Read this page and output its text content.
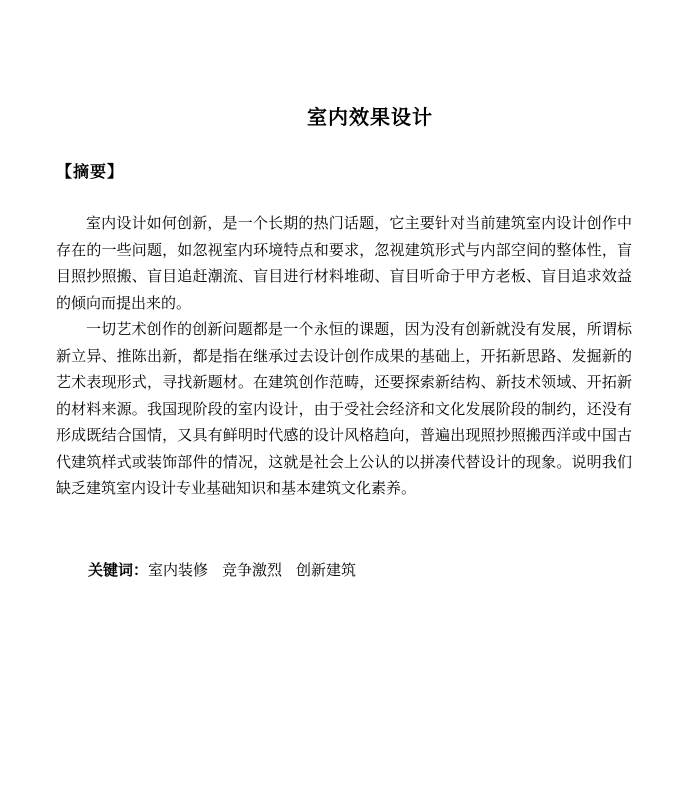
室内效果设计
【摘要】

室内设计如何创新，是一个长期的热门话题，它主要针对当前建筑室内设计创作中存在的一些问题，如忽视室内环境特点和要求，忽视建筑形式与内部空间的整体性，盲目照抄照搬、盲目追赶潮流、盲目进行材料堆砌、盲目听命于甲方老板、盲目追求效益的倾向而提出来的。

一切艺术创作的创新问题都是一个永恒的课题，因为没有创新就没有发展，所谓标新立异、推陈出新，都是指在继承过去设计创作成果的基础上，开拓新思路、发掘新的艺术表现形式，寻找新题材。在建筑创作范畴，还要探索新结构、新技术领域、开拓新的材料来源。我国现阶段的室内设计，由于受社会经济和文化发展阶段的制约，还没有形成既结合国情，又具有鲜明时代感的设计风格趋向，普遍出现照抄照搬西洋或中国古代建筑样式或装饰部件的情况，这就是社会上公认的以拼凑代替设计的现象。说明我们缺乏建筑室内设计专业基础知识和基本建筑文化素养。

关键词：室内装修 竞争激烈 创新建筑
